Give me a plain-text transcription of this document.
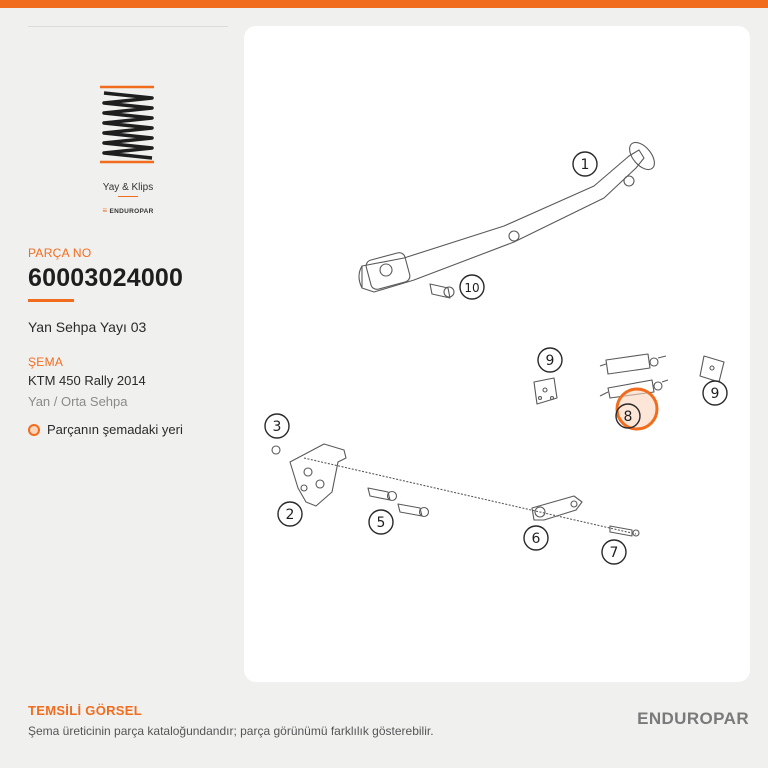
Yay & Klips
≡ ENDUROPAR
PARÇA NO
60003024000
Yan Sehpa Yayı 03
ŞEMA
KTM 450 Rally 2014
Yan / Orta Sehpa
Parçanın şemadaki yeri
1
10
9
9
3
2	5
6
7
8
TEMSİLİ GÖRSEL
Şema üreticinin parça kataloğundandır; parça görünümü farklılık gösterebilir.
ENDUROPAR
